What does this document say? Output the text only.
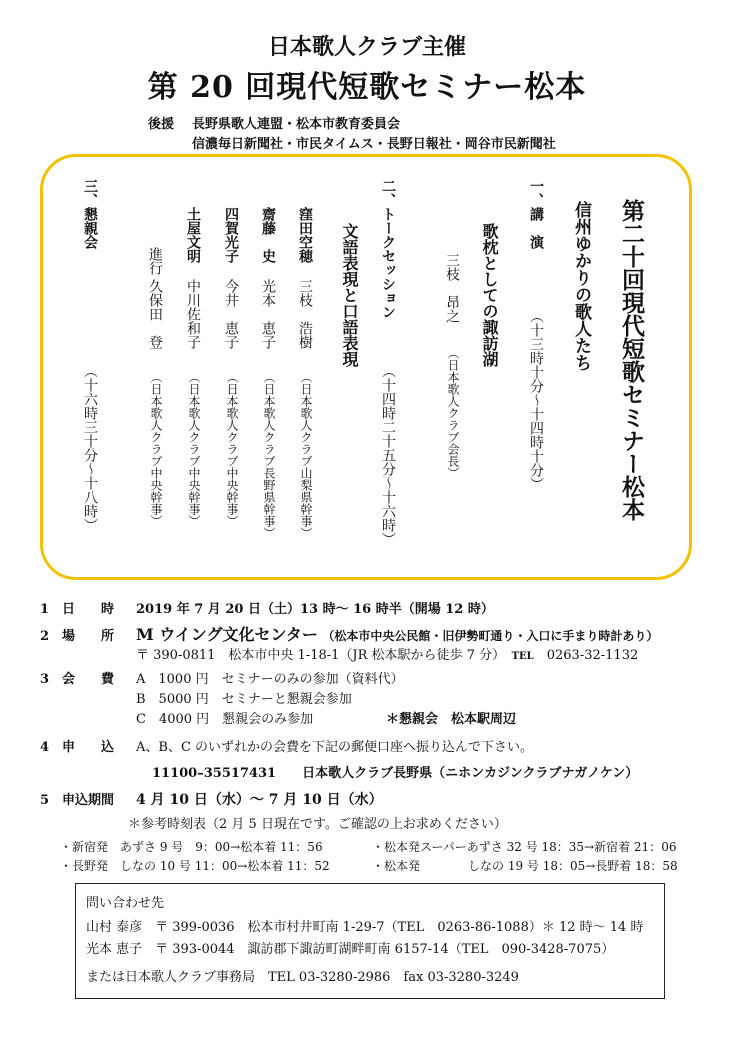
日本歌人クラブ主催
第 20 回現代短歌セミナー松本
後援 長野県歌人連盟・松本市教育委員会
信濃毎日新聞社・市民タイムス・長野日報社・岡谷市民新聞社
第二十回現代短歌セミナー松本
信州ゆかりの歌人たち
一、講　演
（十三時十分～十四時十分）
歌枕としての諏訪湖
三枝　昂之
（日本歌人クラブ会長）
二、トークセッション
（十四時二十五分～十六時）
文語表現と口語表現
窪田空穂
三枝　浩樹
（日本歌人クラブ山梨県幹事）
齋藤　史
光本　恵子
（日本歌人クラブ長野県幹事）
四賀光子
今井　恵子
（日本歌人クラブ中央幹事）
土屋文明
中川佐和子
（日本歌人クラブ中央幹事）
進行
久保田　登
（日本歌人クラブ中央幹事）
三、懇親会
（十六時三十分～十八時）
1 日　　時 2019 年 7 月 20 日（土）13 時～ 16 時半（開場 12 時）
2 場　　所 M ウイング文化センター （松本市中央公民館・旧伊勢町通り・入口に手まり時計あり）
〒 390-0811　松本市中央 1-18-1（JR 松本駅から徒歩 7 分）　 TEL　 0263-32-1132
3 会　　費 A　1000 円　セミナーのみの参加（資料代）
B　5000 円　セミナーと懇親会参加
C　4000 円　懇親会のみ参加	＊懇親会　松本駅周辺
4 申　　込 A、B、C のいずれかの会費を下記の郵便口座へ振り込んで下さい。
11100–35517431　　日本歌人クラブ長野県（ニホンカジンクラブナガノケン）
5 申込期間 4 月 10 日（水）～ 7 月 10 日（水）
＊参考時刻表（2 月 5 日現在です。ご確認の上お求めください）
・新宿発　あずさ 9 号　9：00→松本着 11：56
・長野発　しなの 10 号 11：00→松本着 11：52
・松本発スーパーあずさ 32 号 18：35→新宿着 21：06
・松本発　　　　しなの 19 号 18：05→長野着 18：58
問い合わせ先
山村 泰彦　〒 399-0036　松本市村井町南 1-29-7（TEL　0263-86-1088）＊ 12 時～ 14 時
光本 恵子　〒 393-0044　諏訪郡下諏訪町湖畔町南 6157-14（TEL　090-3428-7075）
または日本歌人クラブ事務局　TEL 03-3280-2986　fax 03-3280-3249
